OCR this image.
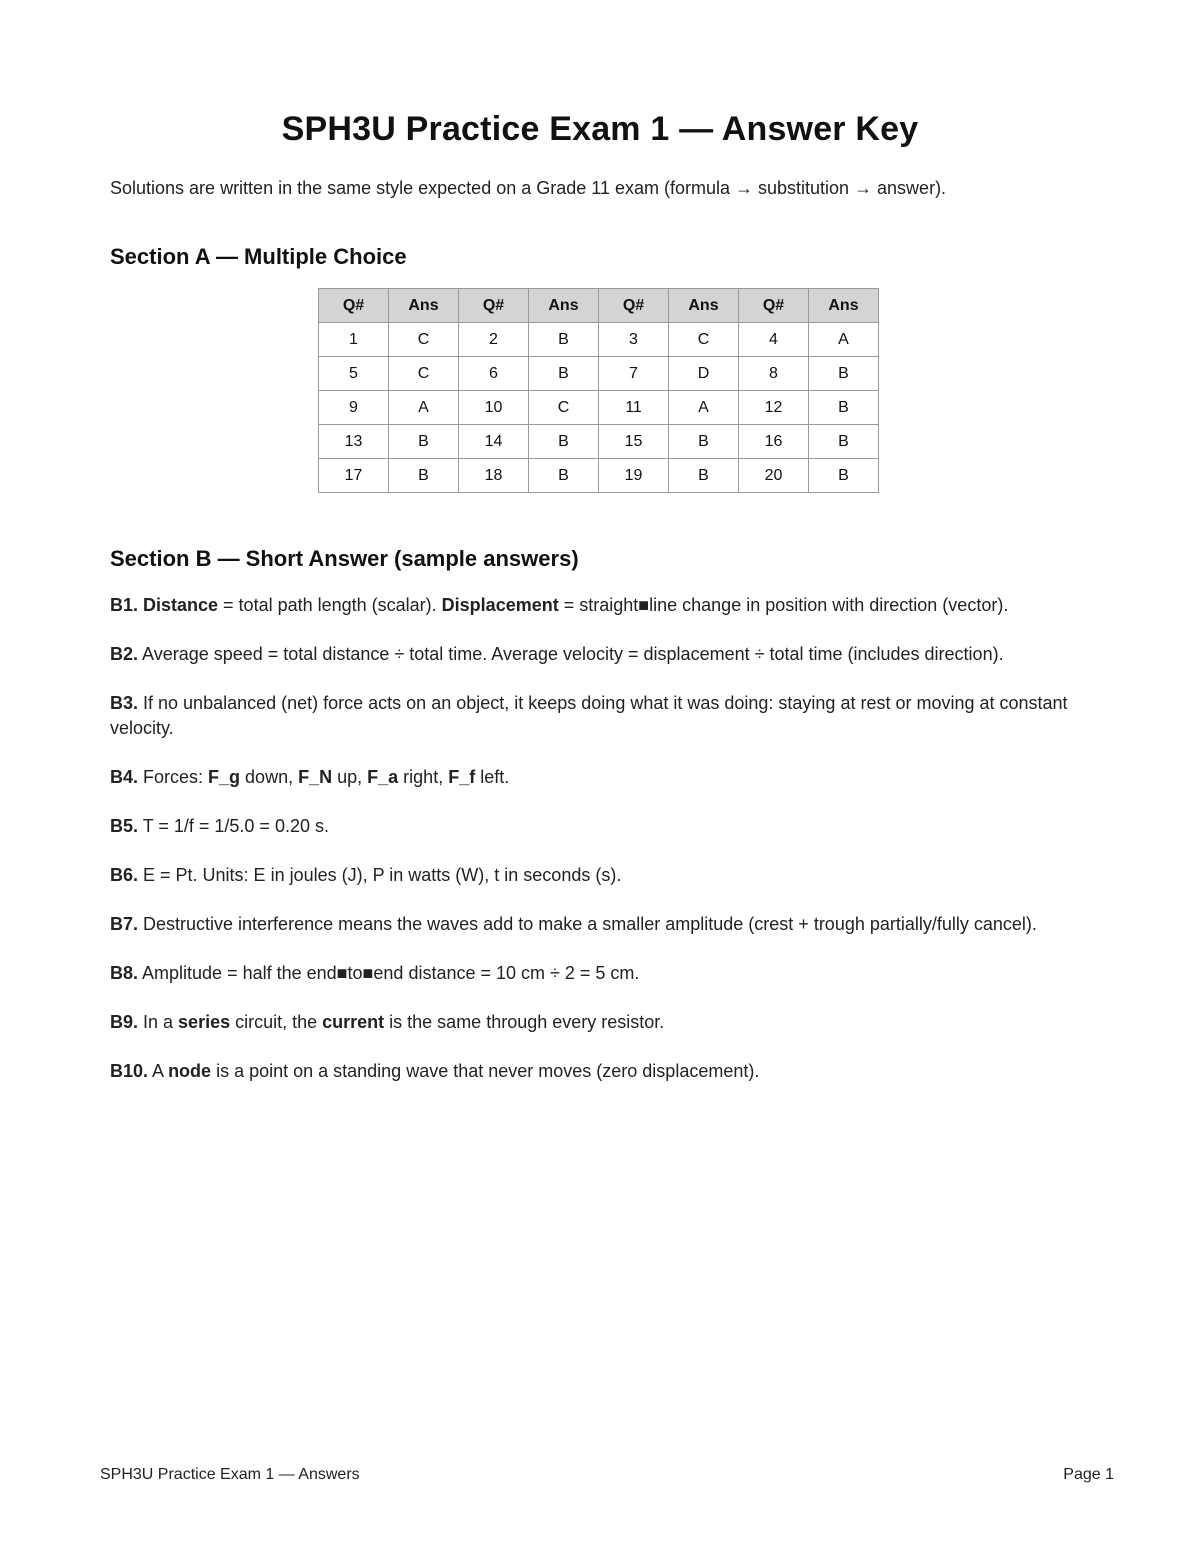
SPH3U Practice Exam 1 — Answer Key
Solutions are written in the same style expected on a Grade 11 exam (formula → substitution → answer).
Section A — Multiple Choice
Q#	Ans	Q#	Ans	Q#	Ans	Q#	Ans
1	C	2	B	3	C	4	A
5	C	6	B	7	D	8	B
9	A	10	C	11	A	12	B
13	B	14	B	15	B	16	B
17	B	18	B	19	B	20	B
Section B — Short Answer (sample answers)

B1. Distance = total path length (scalar). Displacement = straight■line change in position with direction (vector).

B2. Average speed = total distance ÷ total time. Average velocity = displacement ÷ total time (includes direction).

B3. If no unbalanced (net) force acts on an object, it keeps doing what it was doing: staying at rest or moving at constant velocity.

B4. Forces: F_g down, F_N up, F_a right, F_f left.

B5. T = 1/f = 1/5.0 = 0.20 s.

B6. E = Pt. Units: E in joules (J), P in watts (W), t in seconds (s).

B7. Destructive interference means the waves add to make a smaller amplitude (crest + trough partially/fully cancel).

B8. Amplitude = half the end■to■end distance = 10 cm ÷ 2 = 5 cm.

B9. In a series circuit, the current is the same through every resistor.

B10. A node is a point on a standing wave that never moves (zero displacement).

SPH3U Practice Exam 1 — Answers	Page 1
